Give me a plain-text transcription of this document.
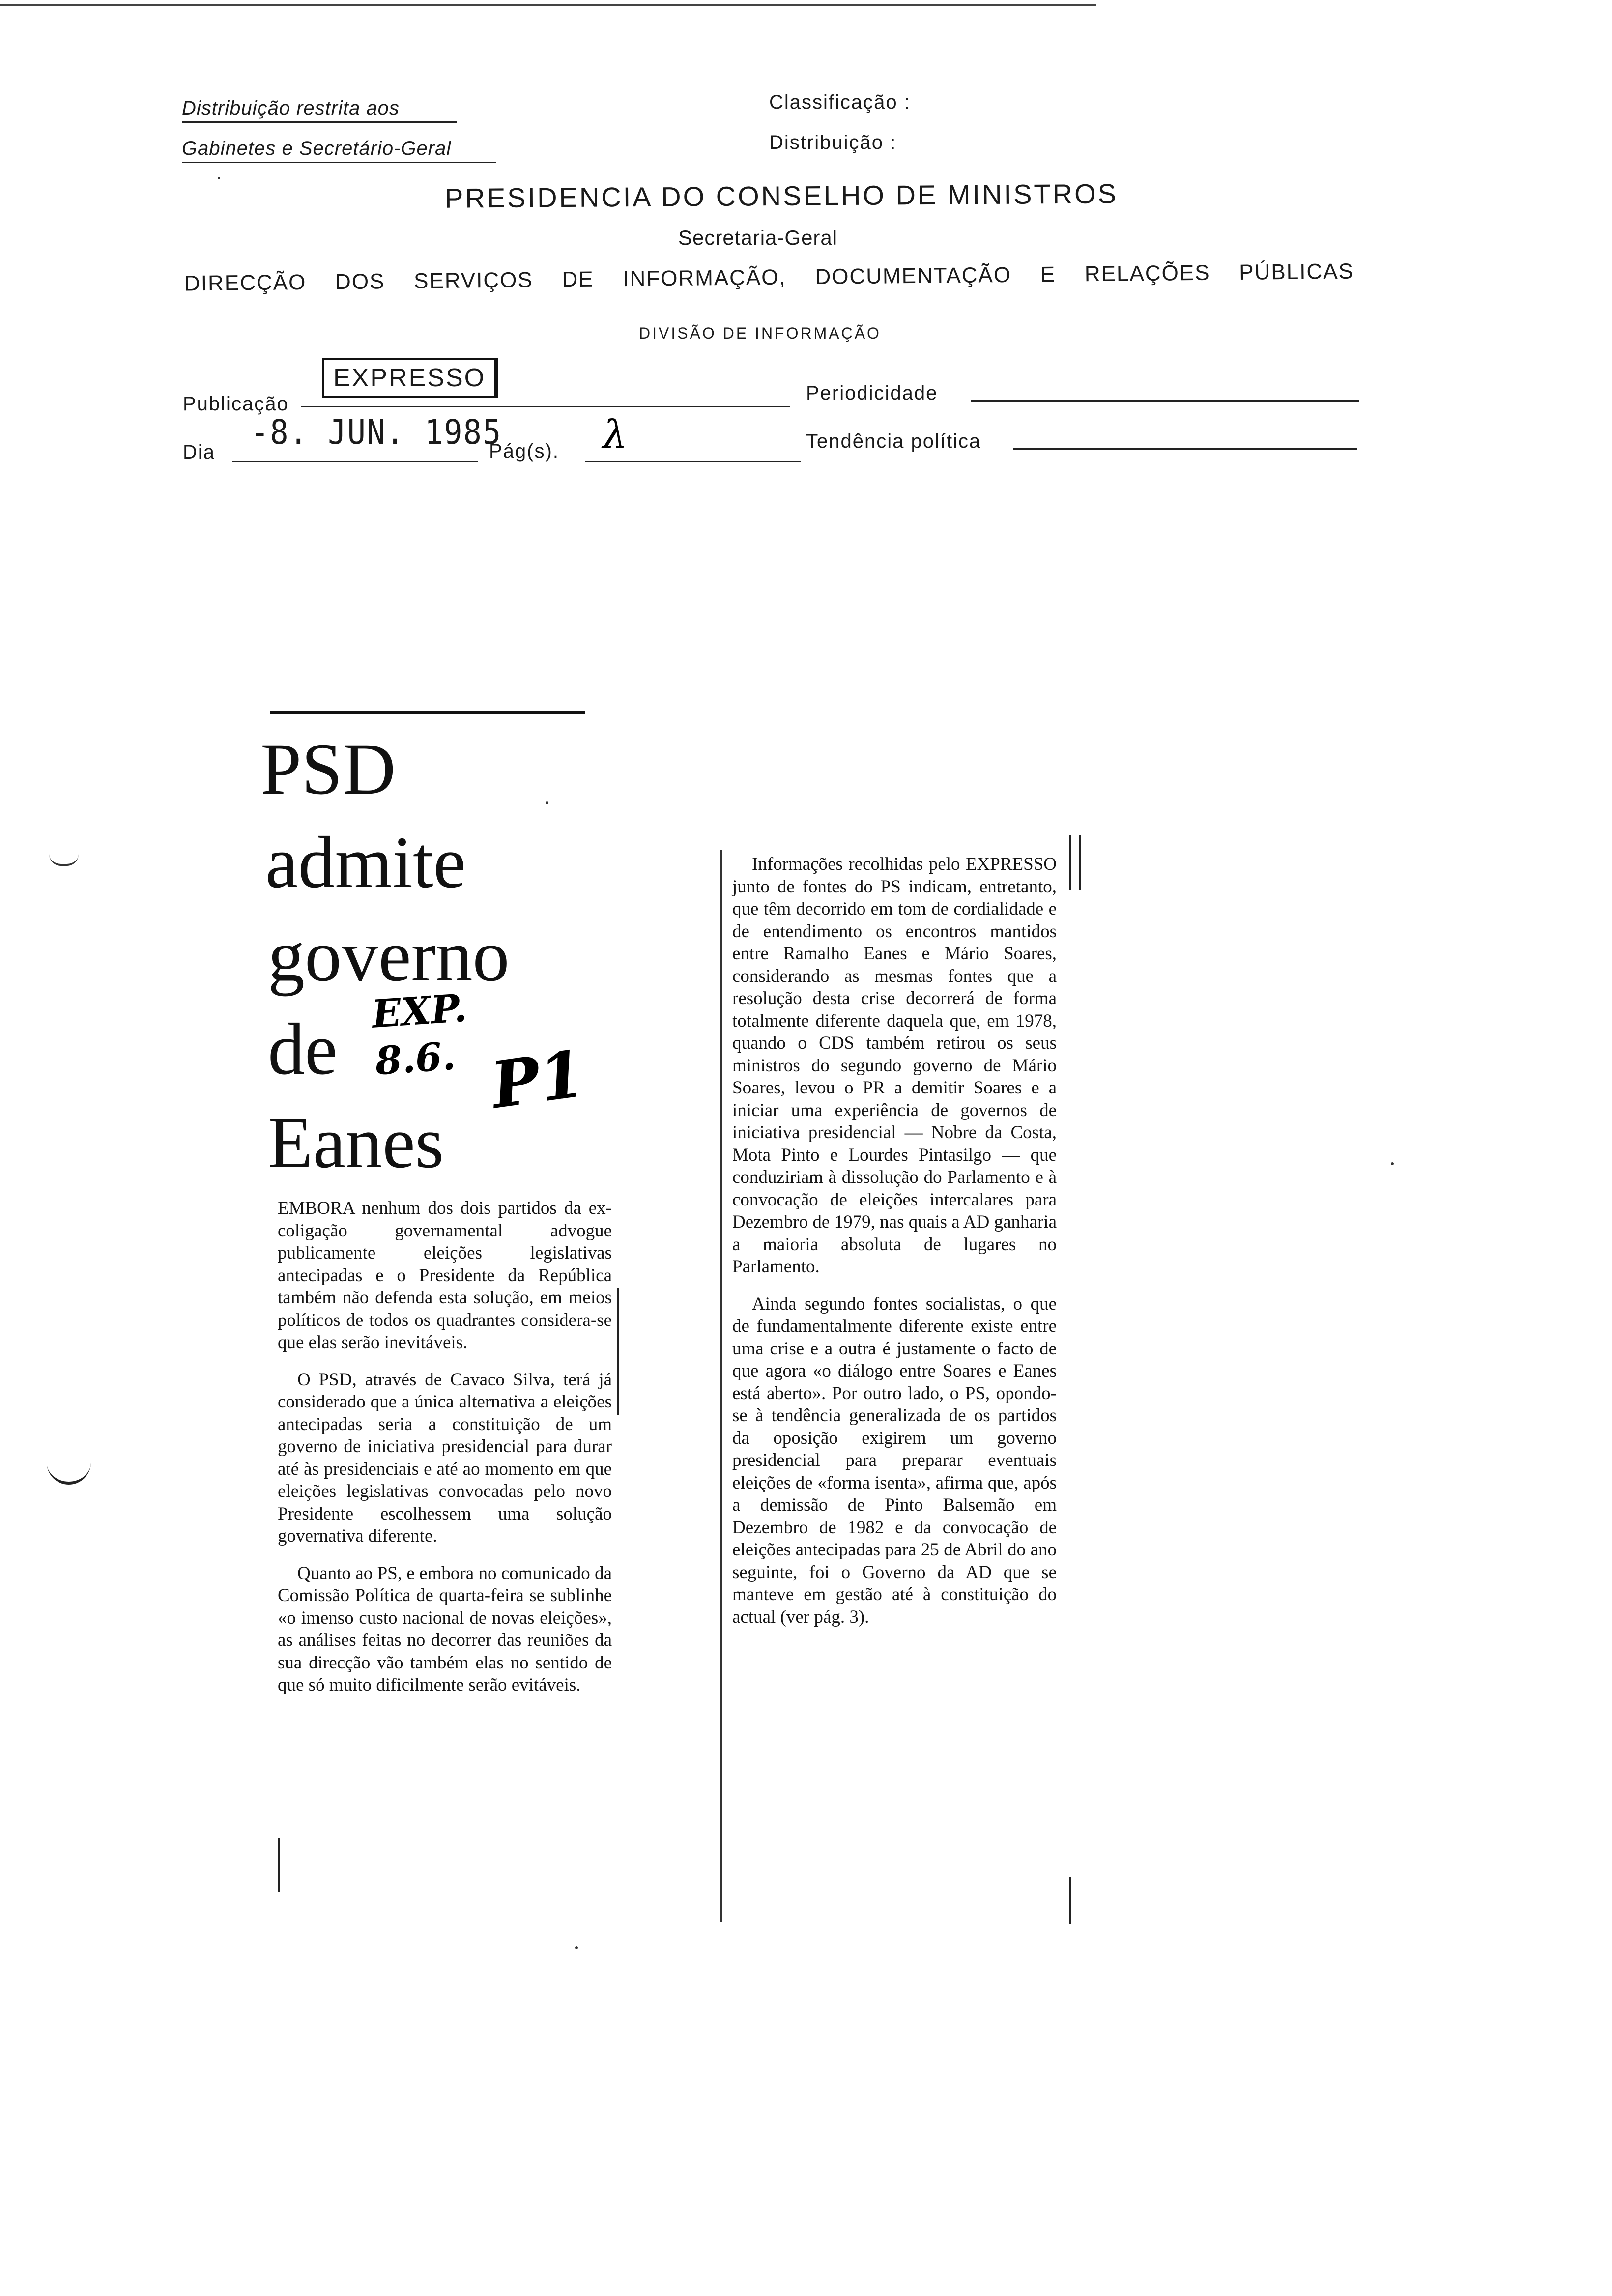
Distribuição restrita aos
Gabinetes e Secretário-Geral
Classificação :
Distribuição :
PRESIDENCIA DO CONSELHO DE MINISTROS
Secretaria-Geral
DIRECÇÃO DOS SERVIÇOS DE INFORMAÇÃO, DOCUMENTAÇÃO E RELAÇÕES PÚBLICAS
DIVISÃO DE INFORMAÇÃO
Publicação
EXPRESSO
Periodicidade
Dia
-8. JUN. 1985
Pág(s). λ	Tendência política
PSD
admite
governo
de
Eanes
EXP. 8.6. P1

EMBORA nenhum dos dois partidos da ex-coligação governamental advogue publicamente eleições legislativas antecipadas e o Presidente da República também não defenda esta solução, em meios políticos de todos os quadrantes considera-se que elas serão inevitáveis.

O PSD, através de Cavaco Silva, terá já considerado que a única alternativa a eleições antecipadas seria a constituição de um governo de iniciativa presidencial para durar até às presidenciais e até ao momento em que eleições legislativas convocadas pelo novo Presidente escolhessem uma solução governativa diferente.

Quanto ao PS, e embora no comunicado da Comissão Política de quarta-feira se sublinhe «o imenso custo nacional de novas eleições», as análises feitas no decorrer das reuniões da sua direcção vão também elas no sentido de que só muito dificilmente serão evitáveis.

Informações recolhidas pelo EXPRESSO junto de fontes do PS indicam, entretanto, que têm decorrido em tom de cordialidade e de entendimento os encontros mantidos entre Ramalho Eanes e Mário Soares, considerando as mesmas fontes que a resolução desta crise decorrerá de forma totalmente diferente daquela que, em 1978, quando o CDS também retirou os seus ministros do segundo governo de Mário Soares, levou o PR a demitir Soares e a iniciar uma experiência de governos de iniciativa presidencial — Nobre da Costa, Mota Pinto e Lourdes Pintasilgo — que conduziriam à dissolução do Parlamento e à convocação de eleições intercalares para Dezembro de 1979, nas quais a AD ganharia a maioria absoluta de lugares no Parlamento.

Ainda segundo fontes socialistas, o que de fundamentalmente diferente existe entre uma crise e a outra é justamente o facto de que agora «o diálogo entre Soares e Eanes está aberto». Por outro lado, o PS, opondo-se à tendência generalizada de os partidos da oposição exigirem um governo presidencial para preparar eventuais eleições de «forma isenta», afirma que, após a demissão de Pinto Balsemão em Dezembro de 1982 e da convocação de eleições antecipadas para 25 de Abril do ano seguinte, foi o Governo da AD que se manteve em gestão até à constituição do actual (ver pág. 3).
